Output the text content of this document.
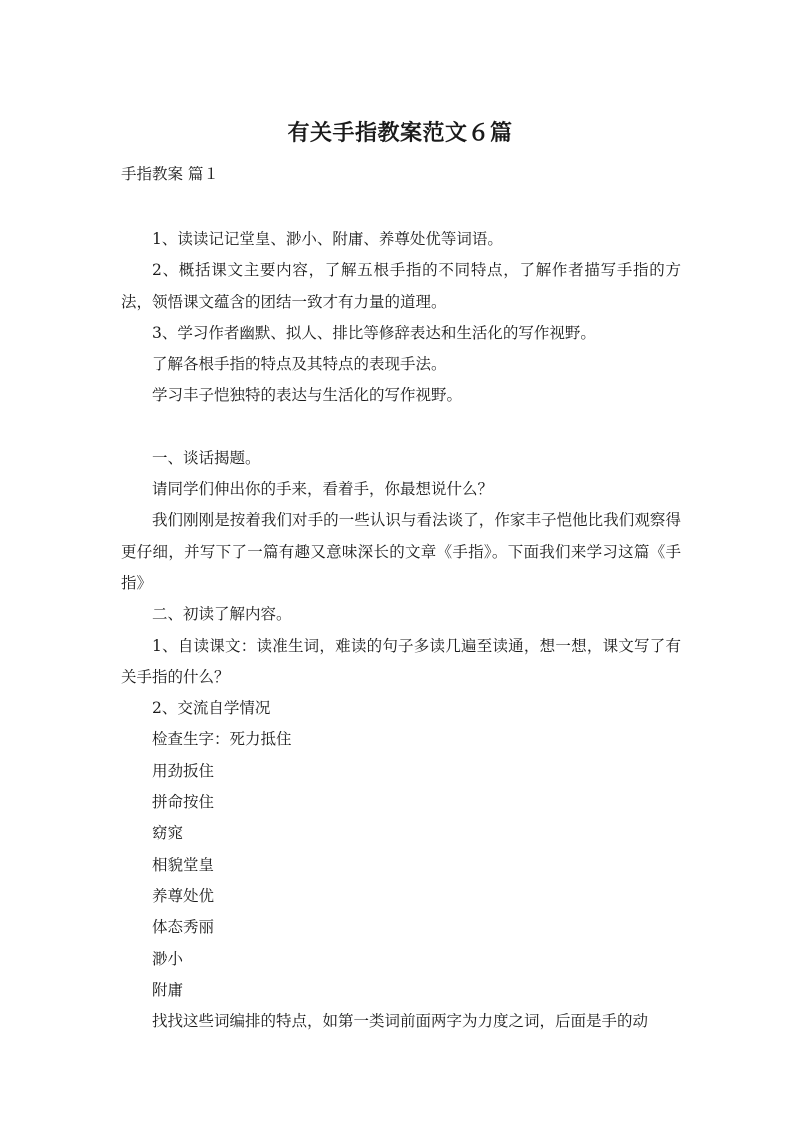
有关手指教案范文６篇
手指教案 篇１

1、读读记记堂皇、渺小、附庸、养尊处优等词语。

2、概括课文主要内容，了解五根手指的不同特点，了解作者描写手指的方法，领悟课文蕴含的团结一致才有力量的道理。

3、学习作者幽默、拟人、排比等修辞表达和生活化的写作视野。

了解各根手指的特点及其特点的表现手法。

学习丰子恺独特的表达与生活化的写作视野。

一、谈话揭题。

请同学们伸出你的手来，看着手，你最想说什么？

我们刚刚是按着我们对手的一些认识与看法谈了，作家丰子恺他比我们观察得更仔细，并写下了一篇有趣又意味深长的文章《手指》。下面我们来学习这篇《手指》

二、初读了解内容。

1、自读课文：读准生词，难读的句子多读几遍至读通，想一想，课文写了有关手指的什么？

2、交流自学情况

检查生字：死力抵住

用劲扳住

拼命按住

窈窕

相貌堂皇

养尊处优

体态秀丽

渺小

附庸

找找这些词编排的特点，如第一类词前面两字为力度之词，后面是手的动
